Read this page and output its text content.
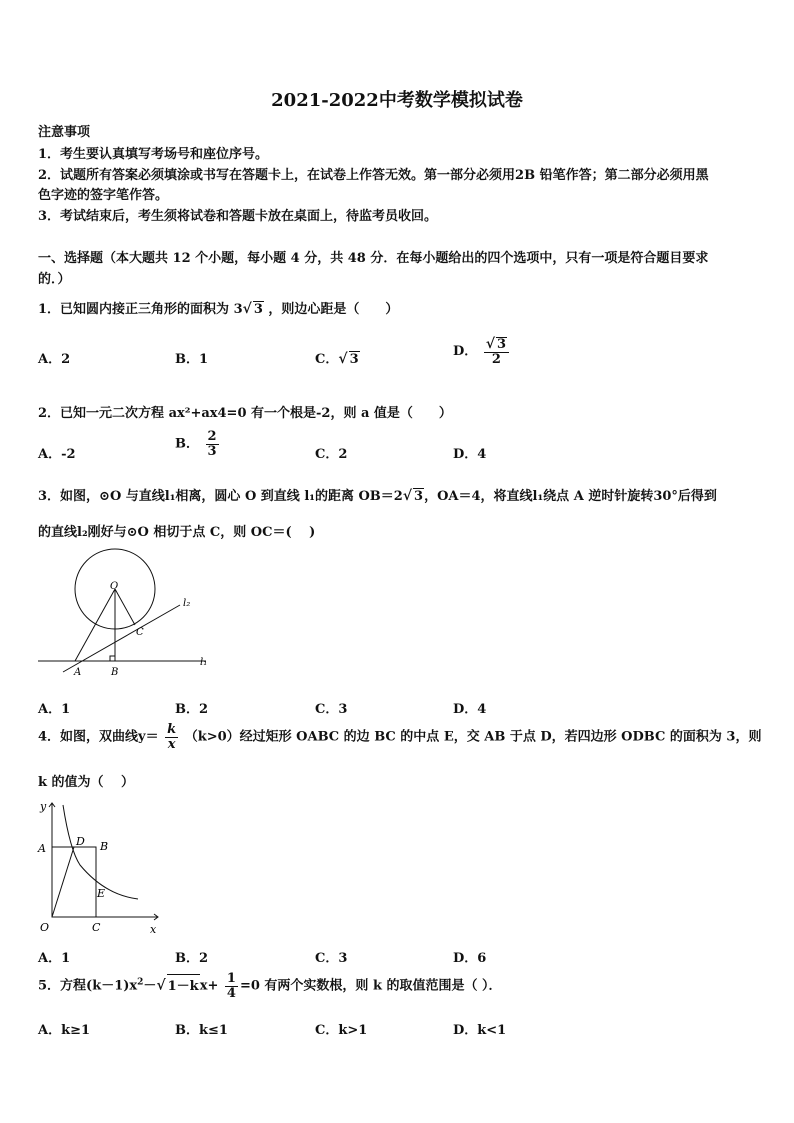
2021-2022中考数学模拟试卷
注意事项
1．考生要认真填写考场号和座位序号。
2．试题所有答案必须填涂或书写在答题卡上，在试卷上作答无效。第一部分必须用2B 铅笔作答；第二部分必须用黑
色字迹的签字笔作答。
3．考试结束后，考生须将试卷和答题卡放在桌面上，待监考员收回。
一、选择题（本大题共 12 个小题，每小题 4 分，共 48 分．在每小题给出的四个选项中，只有一项是符合题目要求
的．）
1．已知圆内接正三角形的面积为 3√ 3 ，则边心距是（　　）
A．2	B．1	C．√ 3
D． $\frac{√ 3}{2}$
2．已知一元二次方程 ax²+ax4=0 有一个根是-2，则 a 值是（　　）
A．-2
B． $\frac{2}{3}$	C．2	D．4
3．如图，⊙O 与直线l₁相离，圆心 O 到直线 l₁的距离 OB＝2√ 3，OA＝4，将直线l₁绕点 A 逆时针旋转30°后得到
的直线l₂刚好与⊙O 相切于点 C，则 OC＝(　 )
O
C
A	B
l₁
l₂
A．1	B．2	C．3	D．4
4．如图，双曲线$y= \frac{k}{x} (k>0)$经过矩形 OABC 的边 BC 的中点 E，交 AB 于点 D，若四边形 ODBC 的面积为 3，则
k 的值为（　 ）
y
x
A	B
D
E
C
O
A．1	B．2	C．3	D．6
5．方程$(k-1)x^2-√$ $1-kx+ \frac{1}{4} =0$ 有两个实数根，则 k 的取值范围是（ ）．
A．k≥1	B．k≤1	C．k>1	D．k<1
